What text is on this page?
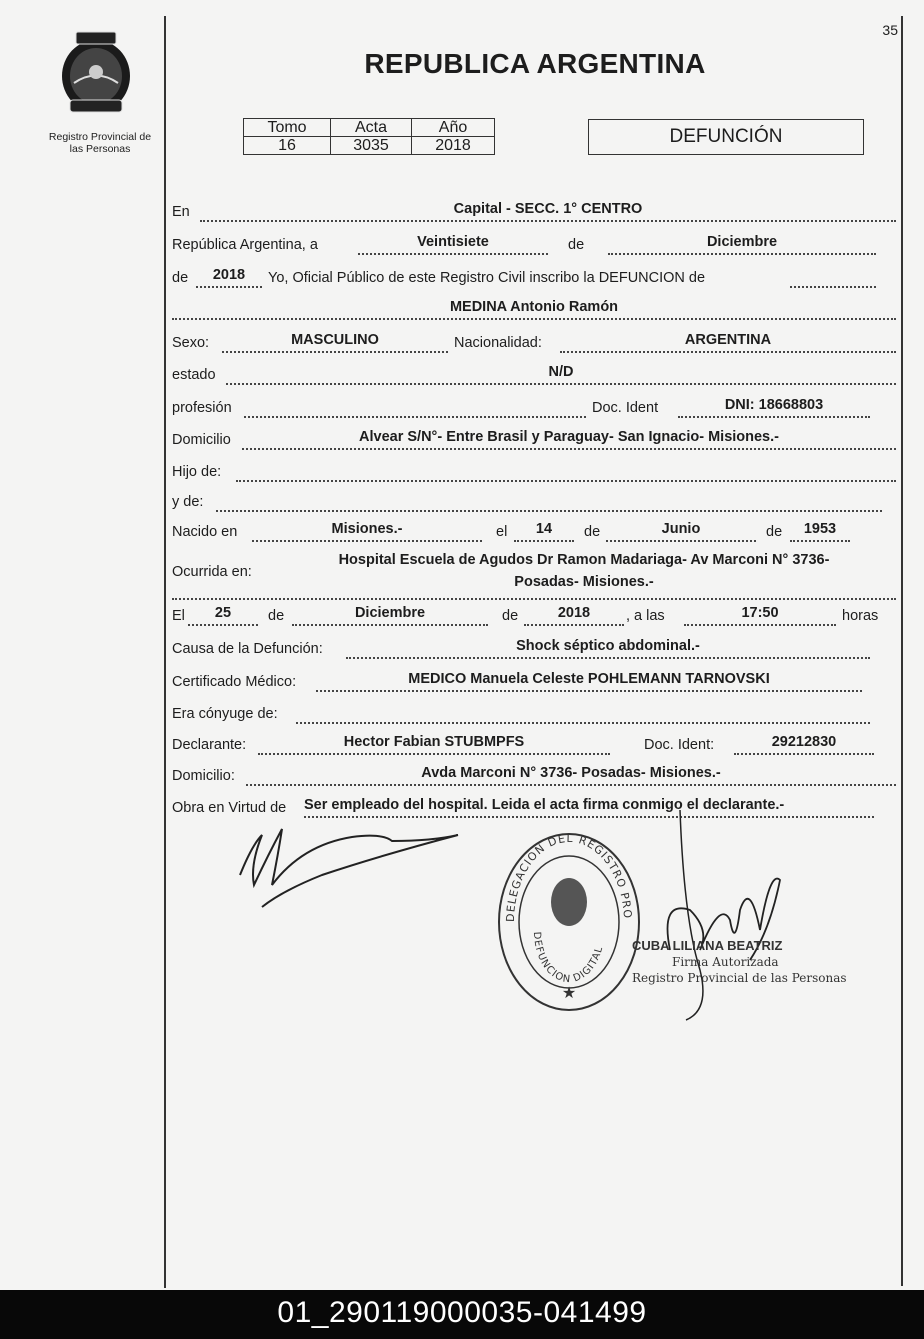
35
Registro Provincial de
las Personas
REPUBLICA ARGENTINA
Tomo	Acta	Año
16	3035	2018	DEFUNCIÓN
En	Capital - SECC. 1° CENTRO
República Argentina, a	Veintisiete	de	Diciembre
de	2018	Yo, Oficial Público de este Registro Civil inscribo la DEFUNCION de
MEDINA Antonio Ramón
Sexo:	MASCULINO	Nacionalidad:	ARGENTINA
estado	N/D
profesión	Doc. Ident	DNI: 18668803
Domicilio	Alvear S/N°- Entre Brasil y Paraguay- San Ignacio- Misiones.-
Hijo de:
y de:
Nacido en	Misiones.-	el	14	de	Junio	de	1953
Ocurrida en:
Hospital Escuela de Agudos Dr Ramon Madariaga- Av Marconi N° 3736-
Posadas- Misiones.-
El	25	de	Diciembre	de	2018	, a las	17:50	horas
Causa de la Defunción:	Shock séptico abdominal.-
Certificado Médico:	MEDICO Manuela Celeste POHLEMANN TARNOVSKI
Era cónyuge de:
Declarante:	Hector Fabian STUBMPFS	Doc. Ident:	29212830
Domicilio:	Avda Marconi N° 3736- Posadas- Misiones.-
Obra en Virtud de Ser empleado del hospital. Leida el acta firma conmigo el declarante.-
DELEGACION DEL REGISTRO PRO
DEFUNCION DIGITAL
★
CUBA LILIANA BEATRIZ
Firma Autorizada
Registro Provincial de las Personas
01_290119000035-041499
